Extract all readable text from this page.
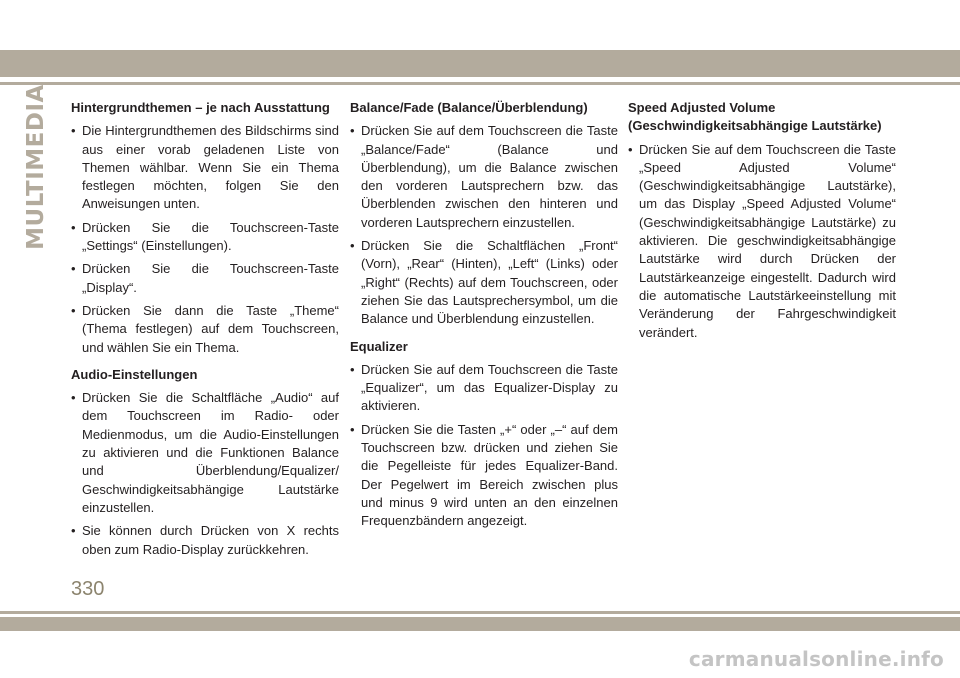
MULTIMEDIA Hintergrundthemen – je nach Ausstattung

• Die Hintergrundthemen des Bildschirms sind aus einer vorab geladenen Liste von Themen wählbar. Wenn Sie ein Thema festlegen möchten, folgen Sie den Anweisungen unten.
• Drücken Sie die Touchscreen-Taste „Settings“ (Einstellungen).
• Drücken Sie die Touchscreen-Taste „Display“.
• Drücken Sie dann die Taste „Theme“ (Thema festlegen) auf dem Touchscreen, und wählen Sie ein Thema.

Audio-Einstellungen

• Drücken Sie die Schaltfläche „Audio“ auf dem Touchscreen im Radio- oder Medienmodus, um die Audio-Einstellungen zu aktivieren und die Funktionen Balance und Überblendung/Equalizer/ Geschwindigkeitsabhängige Lautstärke einzustellen.
• Sie können durch Drücken von X rechts oben zum Radio-Display zurückkehren.

Balance/Fade (Balance/Überblendung)

• Drücken Sie auf dem Touchscreen die Taste „Balance/Fade“ (Balance und Überblendung), um die Balance zwischen den vorderen Lautsprechern bzw. das Überblenden zwischen den hinteren und vorderen Lautsprechern einzustellen.
• Drücken Sie die Schaltflächen „Front“ (Vorn), „Rear“ (Hinten), „Left“ (Links) oder „Right“ (Rechts) auf dem Touchscreen, oder ziehen Sie das Lautsprechersymbol, um die Balance und Überblendung einzustellen.

Equalizer

• Drücken Sie auf dem Touchscreen die Taste „Equalizer“, um das Equalizer-Display zu aktivieren.
• Drücken Sie die Tasten „+“ oder „–“ auf dem Touchscreen bzw. drücken und ziehen Sie die Pegelleiste für jedes Equalizer-Band. Der Pegelwert im Bereich zwischen plus und minus 9 wird unten an den einzelnen Frequenzbändern angezeigt.

Speed Adjusted Volume (Geschwindigkeitsabhängige Lautstärke)

• Drücken Sie auf dem Touchscreen die Taste „Speed Adjusted Volume“ (Geschwindigkeitsabhängige Lautstärke), um das Display „Speed Adjusted Volume“ (Geschwindigkeitsabhängige Lautstärke) zu aktivieren. Die geschwindigkeitsabhängige Lautstärke wird durch Drücken der Lautstärkeanzeige eingestellt. Dadurch wird die automatische Lautstärkeeinstellung mit Veränderung der Fahrgeschwindigkeit verändert.
330
carmanualsonline.info
